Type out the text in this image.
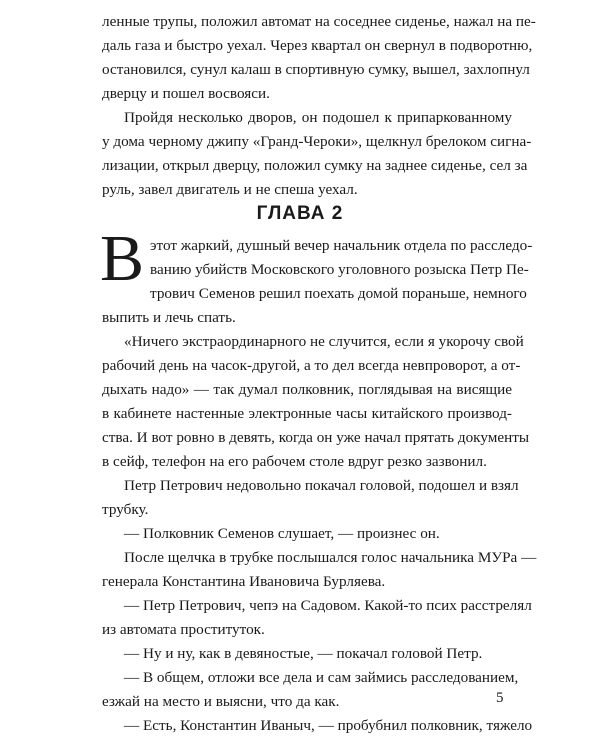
ленные трупы, положил автомат на соседнее сиденье, нажал на пе-
даль газа и быстро уехал. Через квартал он свернул в подворотню,
остановился, сунул калаш в спортивную сумку, вышел, захлопнул
дверцу и пошел восвояси.
Пройдя несколько дворов, он подошел к припаркованному
у дома черному джипу «Гранд-Чероки», щелкнул брелоком сигна-
лизации, открыл дверцу, положил сумку на заднее сиденье, сел за
руль, завел двигатель и не спеша уехал.
ГЛАВА 2
В этот жаркий, душный вечер начальник отдела по расследо-
ванию убийств Московского уголовного розыска Петр Пе-
трович Семенов решил поехать домой пораньше, немного
выпить и лечь спать.
«Ничего экстраординарного не случится, если я укорочу свой
рабочий день на часок-другой, а то дел всегда невпроворот, а от-
дыхать надо» — так думал полковник, поглядывая на висящие
в кабинете настенные электронные часы китайского производ-
ства. И вот ровно в девять, когда он уже начал прятать документы
в сейф, телефон на его рабочем столе вдруг резко зазвонил.
Петр Петрович недовольно покачал головой, подошел и взял
трубку.
— Полковник Семенов слушает, — произнес он.
После щелчка в трубке послышался голос начальника МУРа —
генерала Константина Ивановича Бурляева.
— Петр Петрович, чепэ на Садовом. Какой-то псих расстрелял
из автомата проституток.
— Ну и ну, как в девяностые, — покачал головой Петр.
— В общем, отложи все дела и сам займись расследованием,
езжай на место и выясни, что да как.
— Есть, Константин Иваныч, — пробубнил полковник, тяжело
5
